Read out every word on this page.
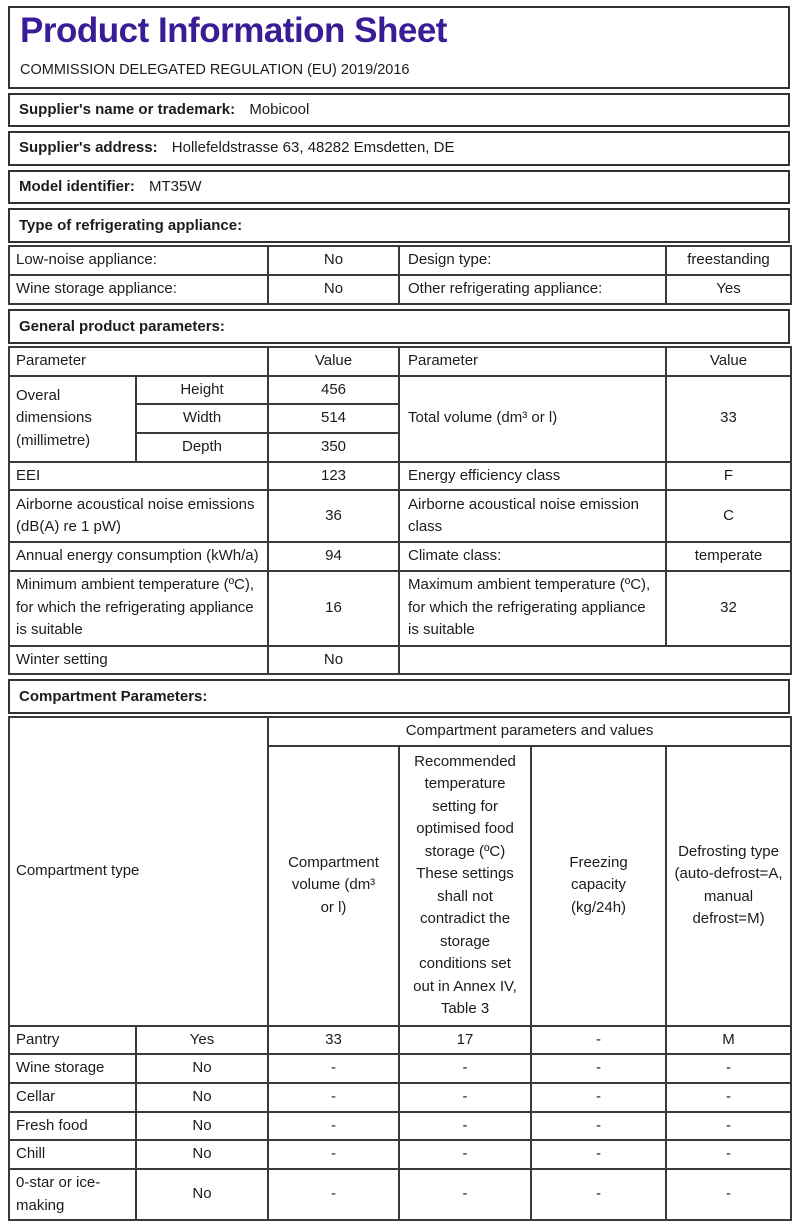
Product Information Sheet
COMMISSION DELEGATED REGULATION (EU) 2019/2016
Supplier's name or trademark: Mobicool
Supplier's address: Hollefeldstrasse 63, 48282 Emsdetten, DE
Model identifier: MT35W
Type of refrigerating appliance:
Low-noise appliance:	No	Design type:	freestanding
Wine storage appliance:	No	Other refrigerating appliance:	Yes
General product parameters:
Parameter		Value	Parameter	Value
Overal dimensions (millimetre)	Height	456	Total volume (dm³ or l)	33
	Width	514		
	Depth	350		
EEI		123	Energy efficiency class	F
Airborne acoustical noise emissions (dB(A) re 1 pW)		36	Airborne acoustical noise emission class	C
Annual energy consumption (kWh/a)		94	Climate class:	temperate
Minimum ambient temperature (ºC), for which the refrigerating appliance is suitable		16	Maximum ambient temperature (ºC), for which the refrigerating appliance is suitable	32
Winter setting		No		
Compartment Parameters:
Compartment type		Compartment parameters and values			
		Compartment volume (dm³ or l)	Recommended temperature setting for optimised food storage (ºC) These settings shall not contradict the storage conditions set out in Annex IV, Table 3	Freezing capacity (kg/24h)	Defrosting type (auto-defrost=A, manual defrost=M)
Pantry	Yes	33	17	-	M
Wine storage	No	-	-	-	-
Cellar	No	-	-	-	-
Fresh food	No	-	-	-	-
Chill	No	-	-	-	-
0-star or ice-making	No	-	-	-	-
